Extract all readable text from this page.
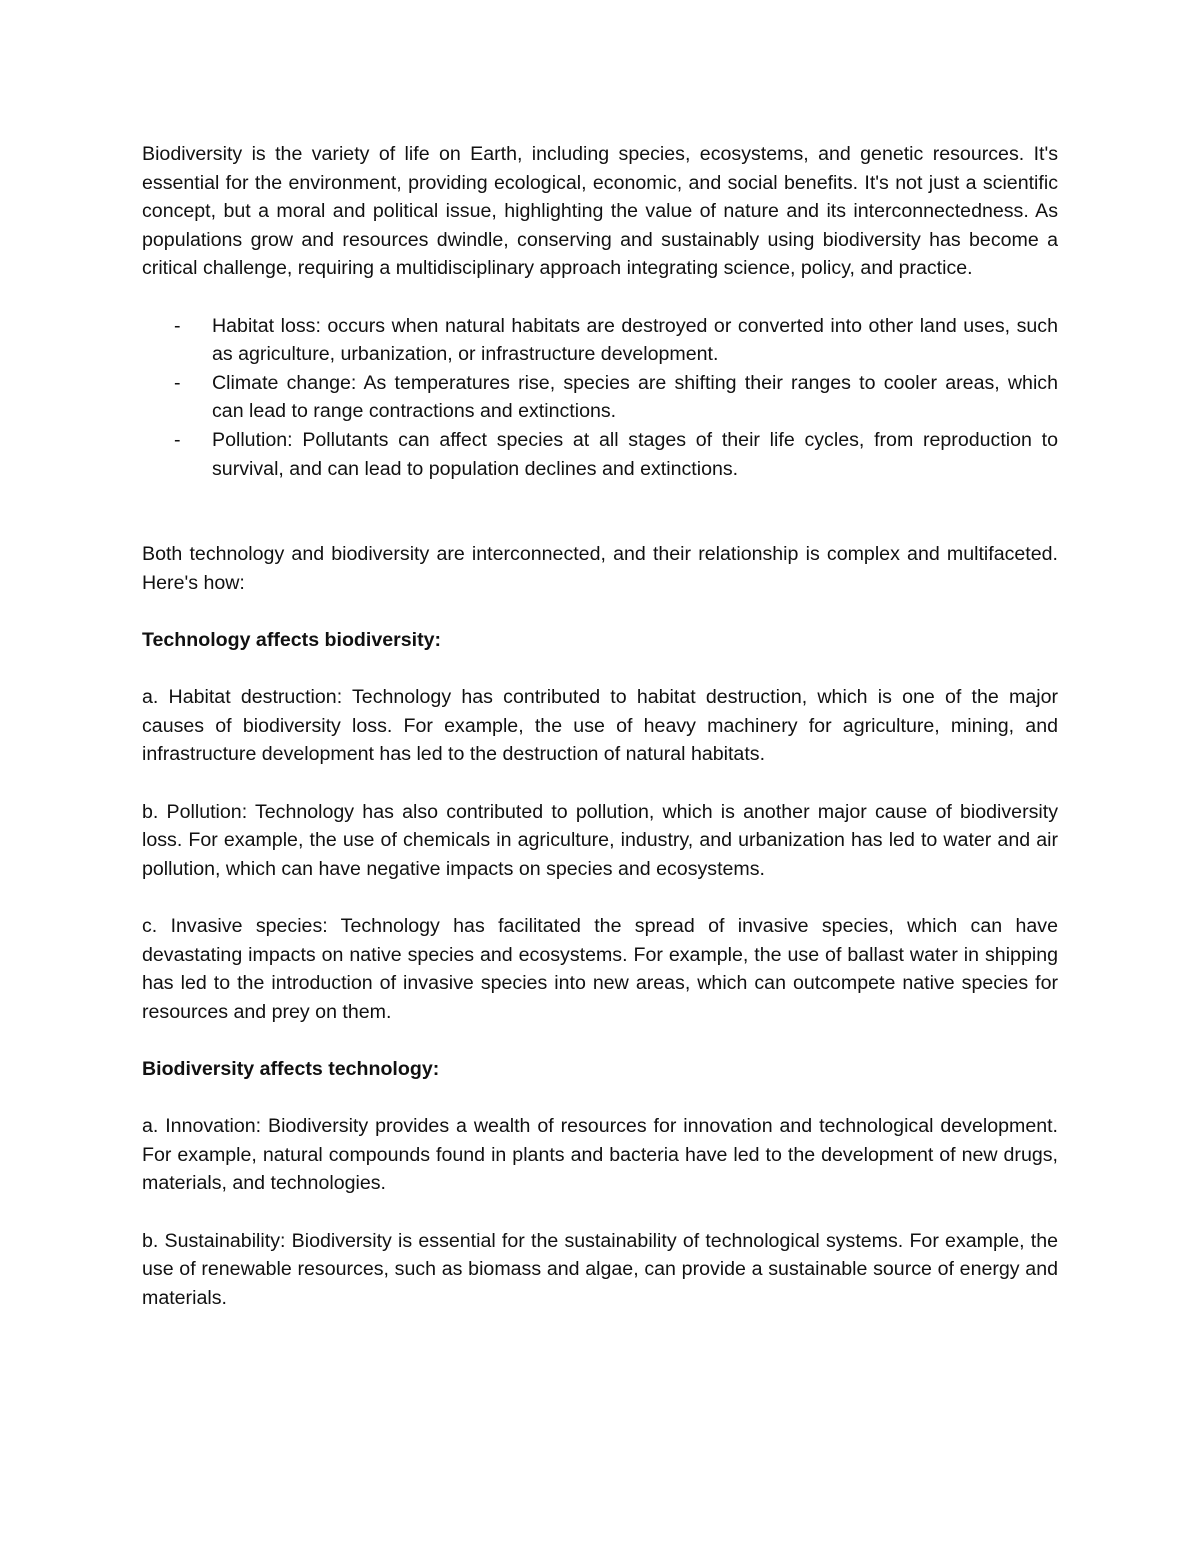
Biodiversity is the variety of life on Earth, including species, ecosystems, and genetic resources. It's essential for the environment, providing ecological, economic, and social benefits. It's not just a scientific concept, but a moral and political issue, highlighting the value of nature and its interconnectedness. As populations grow and resources dwindle, conserving and sustainably using biodiversity has become a critical challenge, requiring a multidisciplinary approach integrating science, policy, and practice.

- Habitat loss: occurs when natural habitats are destroyed or converted into other land uses, such as agriculture, urbanization, or infrastructure development.
- Climate change: As temperatures rise, species are shifting their ranges to cooler areas, which can lead to range contractions and extinctions.
- Pollution: Pollutants can affect species at all stages of their life cycles, from reproduction to survival, and can lead to population declines and extinctions.

Both technology and biodiversity are interconnected, and their relationship is complex and multifaceted. Here's how:

Technology affects biodiversity:

a. Habitat destruction: Technology has contributed to habitat destruction, which is one of the major causes of biodiversity loss. For example, the use of heavy machinery for agriculture, mining, and infrastructure development has led to the destruction of natural habitats.

b. Pollution: Technology has also contributed to pollution, which is another major cause of biodiversity loss. For example, the use of chemicals in agriculture, industry, and urbanization has led to water and air pollution, which can have negative impacts on species and ecosystems.

c. Invasive species: Technology has facilitated the spread of invasive species, which can have devastating impacts on native species and ecosystems. For example, the use of ballast water in shipping has led to the introduction of invasive species into new areas, which can outcompete native species for resources and prey on them.

Biodiversity affects technology:

a. Innovation: Biodiversity provides a wealth of resources for innovation and technological development. For example, natural compounds found in plants and bacteria have led to the development of new drugs, materials, and technologies.

b. Sustainability: Biodiversity is essential for the sustainability of technological systems. For example, the use of renewable resources, such as biomass and algae, can provide a sustainable source of energy and materials.
